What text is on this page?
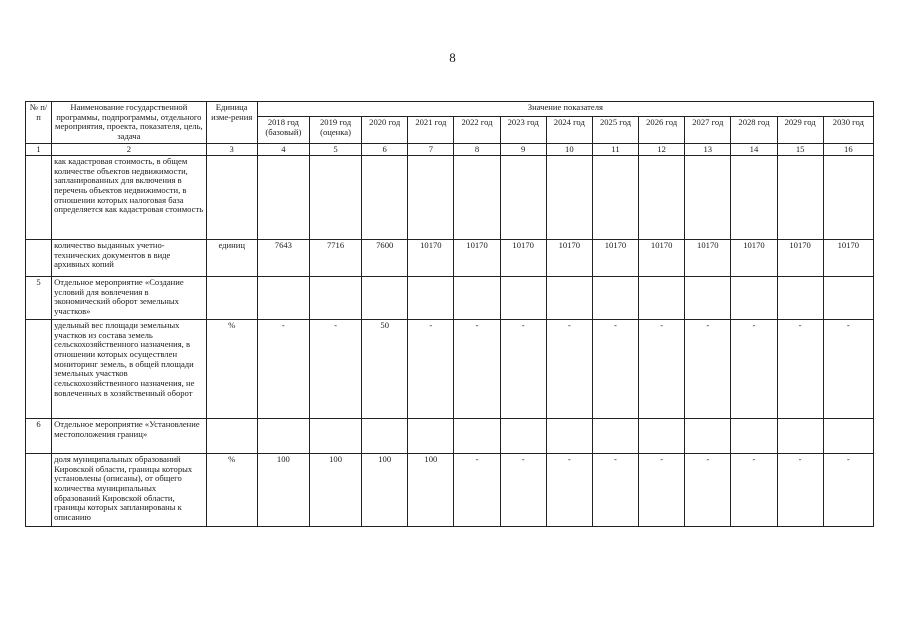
8
№ п/п	Наименование государственной программы, подпрограммы, отдельного мероприятия, проекта, показателя, цель, задача	Единица изме-рения	Значение показателя												
			2018 год (базовый)	2019 год (оценка)	2020 год	2021 год	2022 год	2023 год	2024 год	2025 год	2026 год	2027 год	2028 год	2029 год	2030 год
1	2	3	4	5	6	7	8	9	10	11	12	13	14	15	16
	как кадастровая стоимость, в общем количестве объектов недвижимости, запланированных для включения в перечень объектов недвижимости, в отношении которых налоговая база определяется как кадастровая стоимость														
	количество выданных учетно-технических документов в виде архивных копий	единиц	7643	7716	7600	10170	10170	10170	10170	10170	10170	10170	10170	10170	10170
5	Отдельное мероприятие «Создание условий для вовлечения в экономический оборот земельных участков»														
	удельный вес площади земельных участков из состава земель сельскохозяйственного назначения, в отношении которых осуществлен мониторинг земель, в общей площади земельных участков сельскохозяйственного назначения, не вовлеченных в хозяйственный оборот	%	-	-	50	-	-	-	-	-	-	-	-	-	-
6	Отдельное мероприятие «Установление местоположения границ»														
	доля муниципальных образований Кировской области, границы которых установлены (описаны), от общего количества муниципальных образований Кировской области, границы которых запланированы к описанию	%	100	100	100	100	-	-	-	-	-	-	-	-	-
